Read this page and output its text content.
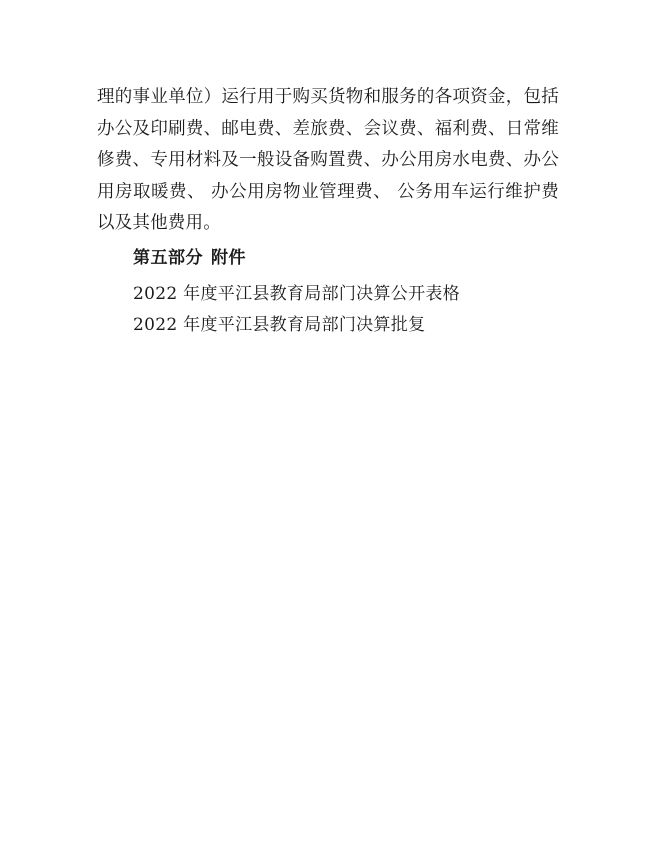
理的事业单位）运行用于购买货物和服务的各项资金，包括办公及印刷费、邮电费、差旅费、会议费、福利费、日常维修费、专用材料及一般设备购置费、办公用房水电费、办公用房取暖费、 办公用房物业管理费、 公务用车运行维护费以及其他费用。

第五部分 附件
2022 年度平江县教育局部门决算公开表格
2022 年度平江县教育局部门决算批复
